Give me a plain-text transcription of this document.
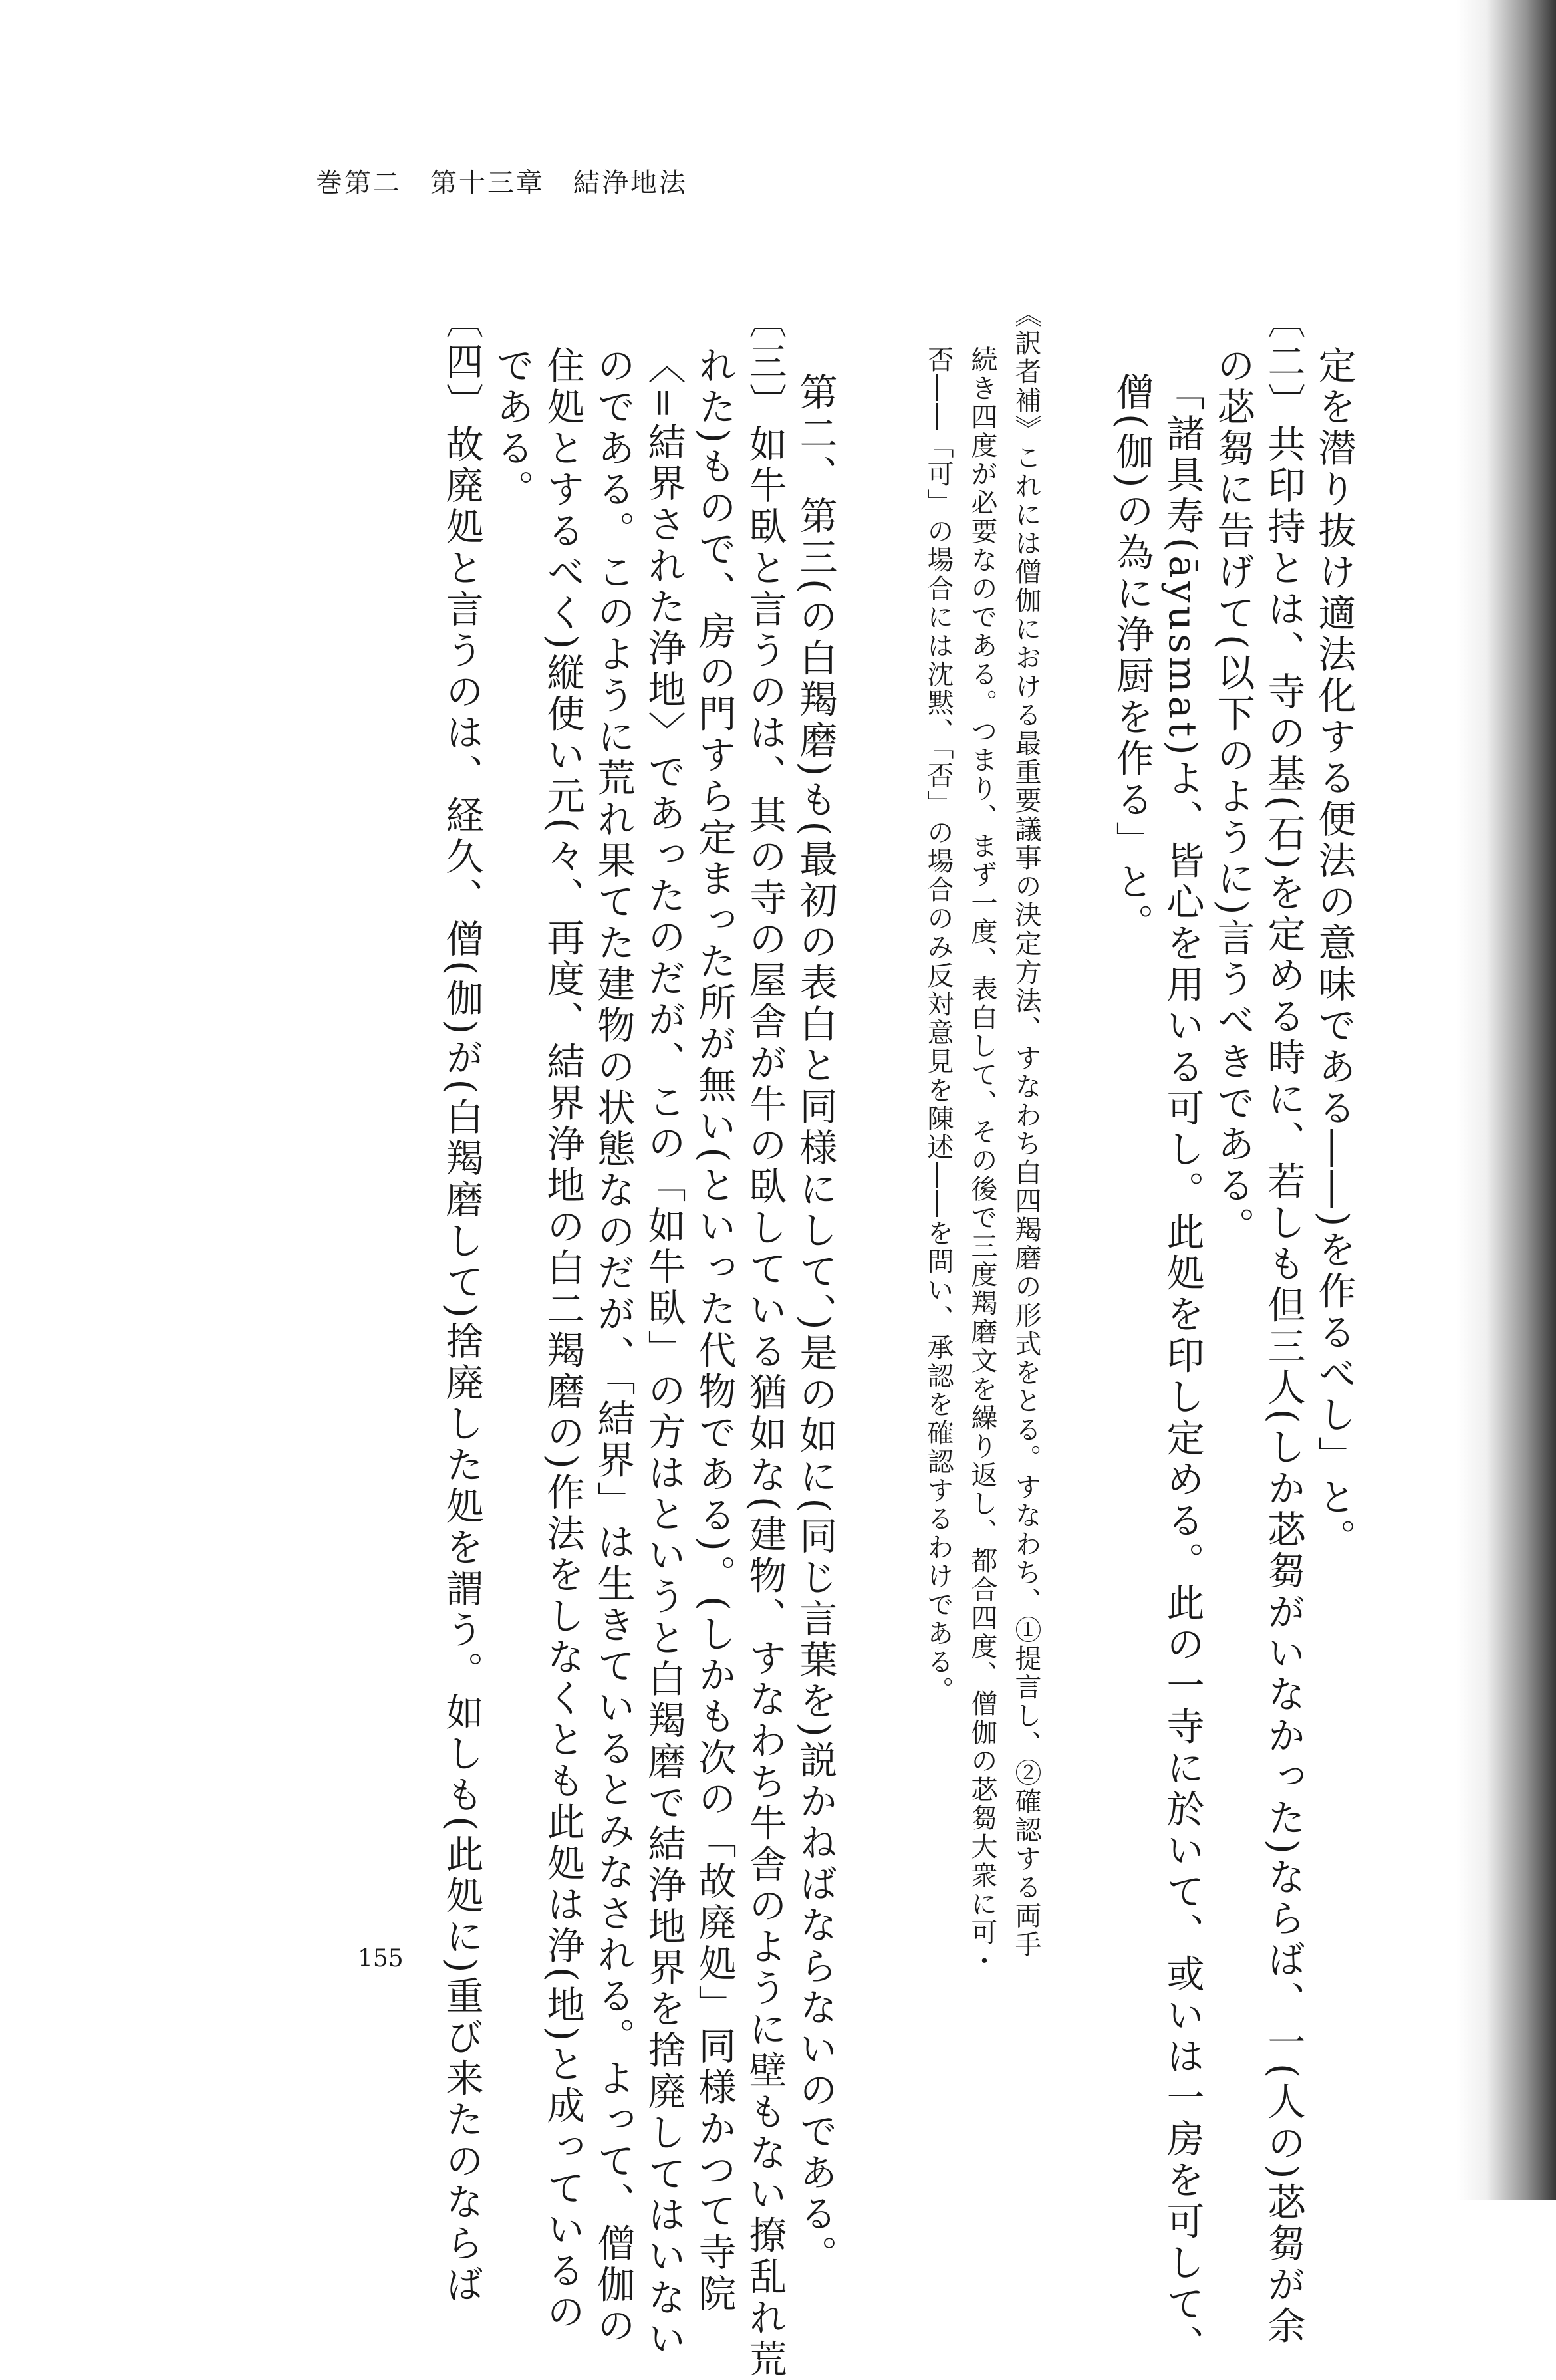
巻第二　第十三章　結浄地法
定を潜り抜け適法化する便法の意味である――)を作るべし」と。
〔二〕共印持とは、寺の基(石)を定める時に、若しも但三人(しか苾芻がいなかった)ならば、一(人の)苾芻が余
の苾芻に告げて(以下のように)言うべきである。
「諸具寿(āyusmat)よ、皆心を用いる可し。此処を印し定める。此の一寺に於いて、或いは一房を可して、
僧(伽)の為に浄厨を作る」と。
《訳者補》これには僧伽における最重要議事の決定方法、すなわち白四羯磨の形式をとる。すなわち、①提言し、②確認する両手
続き四度が必要なのである。つまり、まず一度、表白して、その後で三度羯磨文を繰り返し、都合四度、僧伽の苾芻大衆に可・
否――「可」の場合には沈黙、「否」の場合のみ反対意見を陳述――を問い、承認を確認するわけである。
第二、第三(の白羯磨)も(最初の表白と同様にして、)是の如に(同じ言葉を)説かねばならないのである。
〔三〕如牛臥と言うのは、其の寺の屋舎が牛の臥している猶如な(建物、すなわち牛舎のように壁もない撩乱れ荒
れた)もので、房の門すら定まった所が無い(といった代物である)。(しかも次の「故廃処」同様かつて寺院
〈=結界された浄地〉であったのだが、この「如牛臥」の方はというと白羯磨で結浄地界を捨廃してはいない
のである。このように荒れ果てた建物の状態なのだが、「結界」は生きているとみなされる。よって、僧伽の
住処とするべく)縦使い元(々、再度、結界浄地の白二羯磨の)作法をしなくとも此処は浄(地)と成っているの
である。
〔四〕故廃処と言うのは、経久、僧(伽)が(白羯磨して)捨廃した処を謂う。如しも(此処に)重び来たのならば
155
